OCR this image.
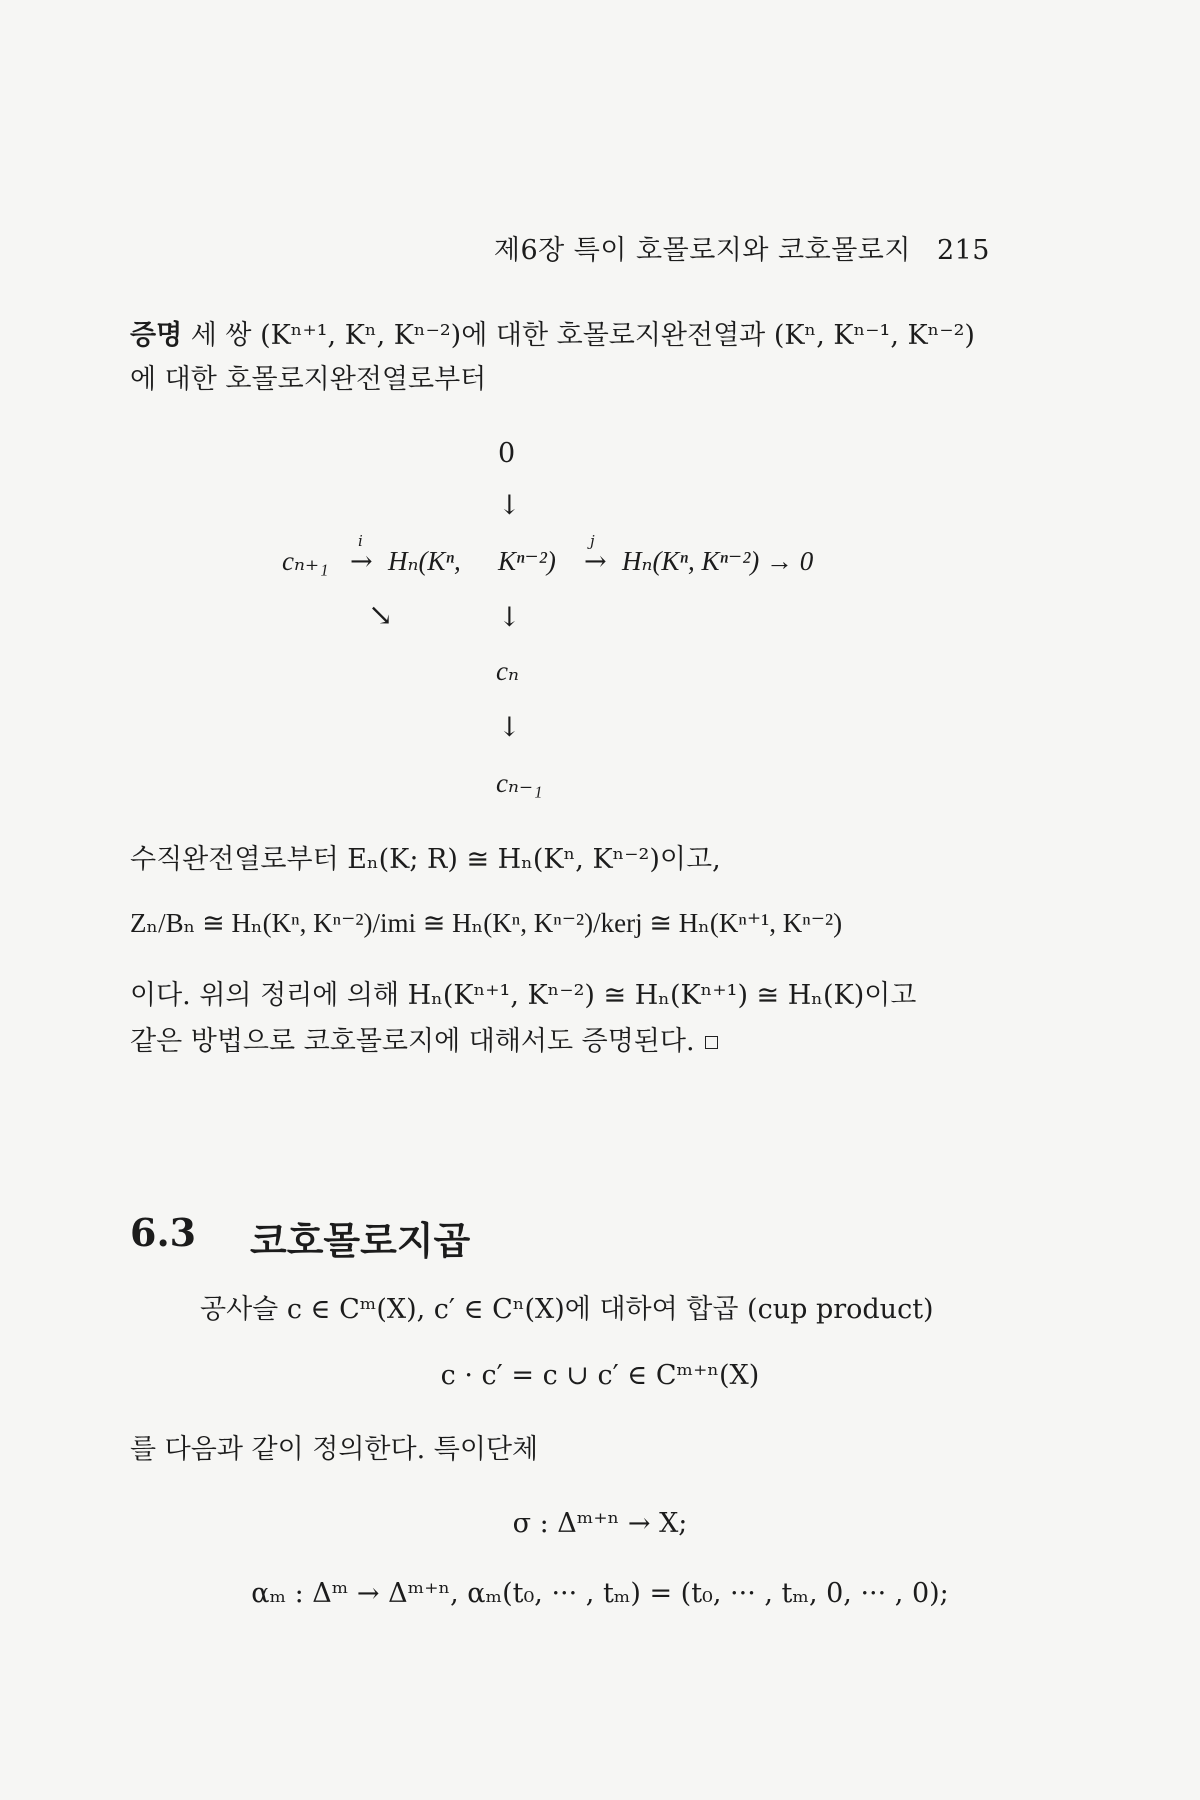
제6장 특이 호몰로지와 코호몰로지 215
증명 세 쌍 (Kⁿ⁺¹, Kⁿ, Kⁿ⁻²)에 대한 호몰로지완전열과 (Kⁿ, Kⁿ⁻¹, Kⁿ⁻²)
에 대한 호몰로지완전열로부터
0
↓
cₙ₊₁
i
→ Hₙ(Kⁿ, Kⁿ⁻²)
j
→ Hₙ(Kⁿ, Kⁿ⁻²) → 0
↘	↓
cₙ
↓
cₙ₋₁
수직완전열로부터 Eₙ(K; R) ≅ Hₙ(Kⁿ, Kⁿ⁻²)이고,
Zₙ/Bₙ ≅ Hₙ(Kⁿ, Kⁿ⁻²)/imi ≅ Hₙ(Kⁿ, Kⁿ⁻²)/kerj ≅ Hₙ(Kⁿ⁺¹, Kⁿ⁻²)
이다. 위의 정리에 의해 Hₙ(Kⁿ⁺¹, Kⁿ⁻²) ≅ Hₙ(Kⁿ⁺¹) ≅ Hₙ(K)이고
같은 방법으로 코호몰로지에 대해서도 증명된다.
6.3 코호몰로지곱
공사슬 c ∈ Cᵐ(X), c′ ∈ Cⁿ(X)에 대하여 합곱 (cup product)
c · c′ = c ∪ c′ ∈ Cᵐ⁺ⁿ(X)
를 다음과 같이 정의한다. 특이단체
σ : Δᵐ⁺ⁿ → X;
αₘ : Δᵐ → Δᵐ⁺ⁿ, αₘ(t₀, ··· , tₘ) = (t₀, ··· , tₘ, 0, ··· , 0);
